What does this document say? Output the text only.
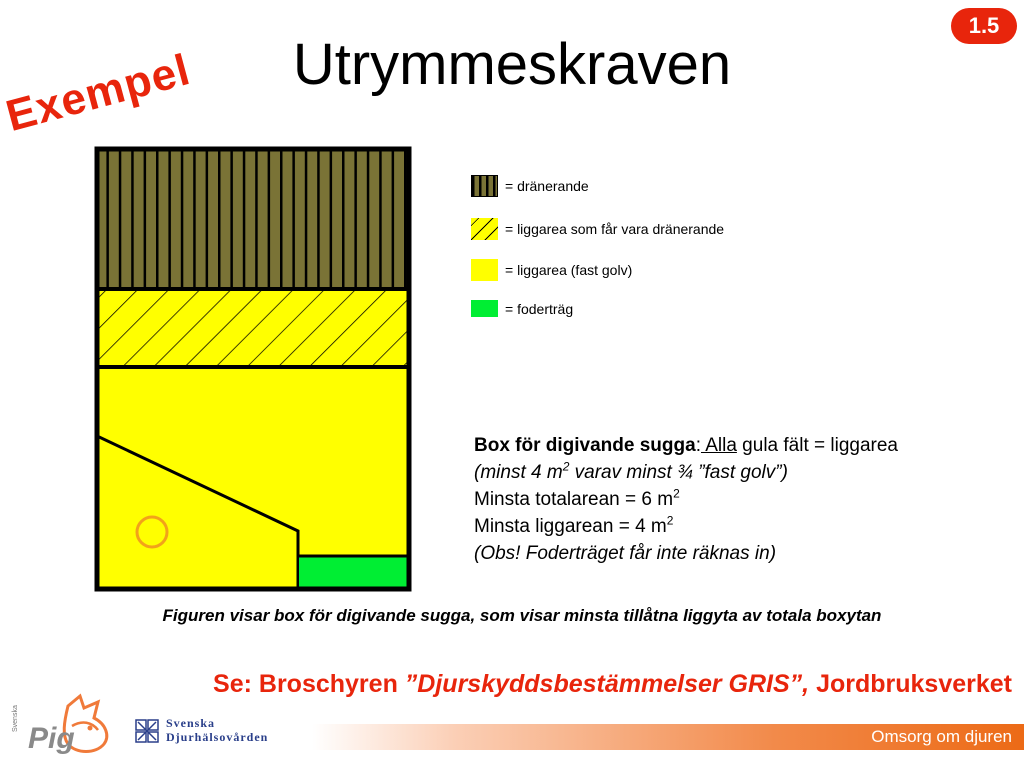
1.5
Utrymmeskraven
Exempel
= dränerande
= liggarea som får vara dränerande
= liggarea (fast golv)
= foderträg
Box för digivande sugga: Alla gula fält = liggarea
(minst 4 $m^2$ varav minst ¾ ”fast golv”)
Minsta totalarean = 6 $m^2$
Minsta liggarean = 4 $m^2$
(Obs! Foderträget får inte räknas in)
Figuren visar box för digivande sugga, som visar minsta tillåtna liggyta av totala boxytan
Se: Broschyren ”Djurskyddsbestämmelser GRIS”, Jordbruksverket
Svenska
Pig	Svenska
Djurhälsovården	Omsorg om djuren
